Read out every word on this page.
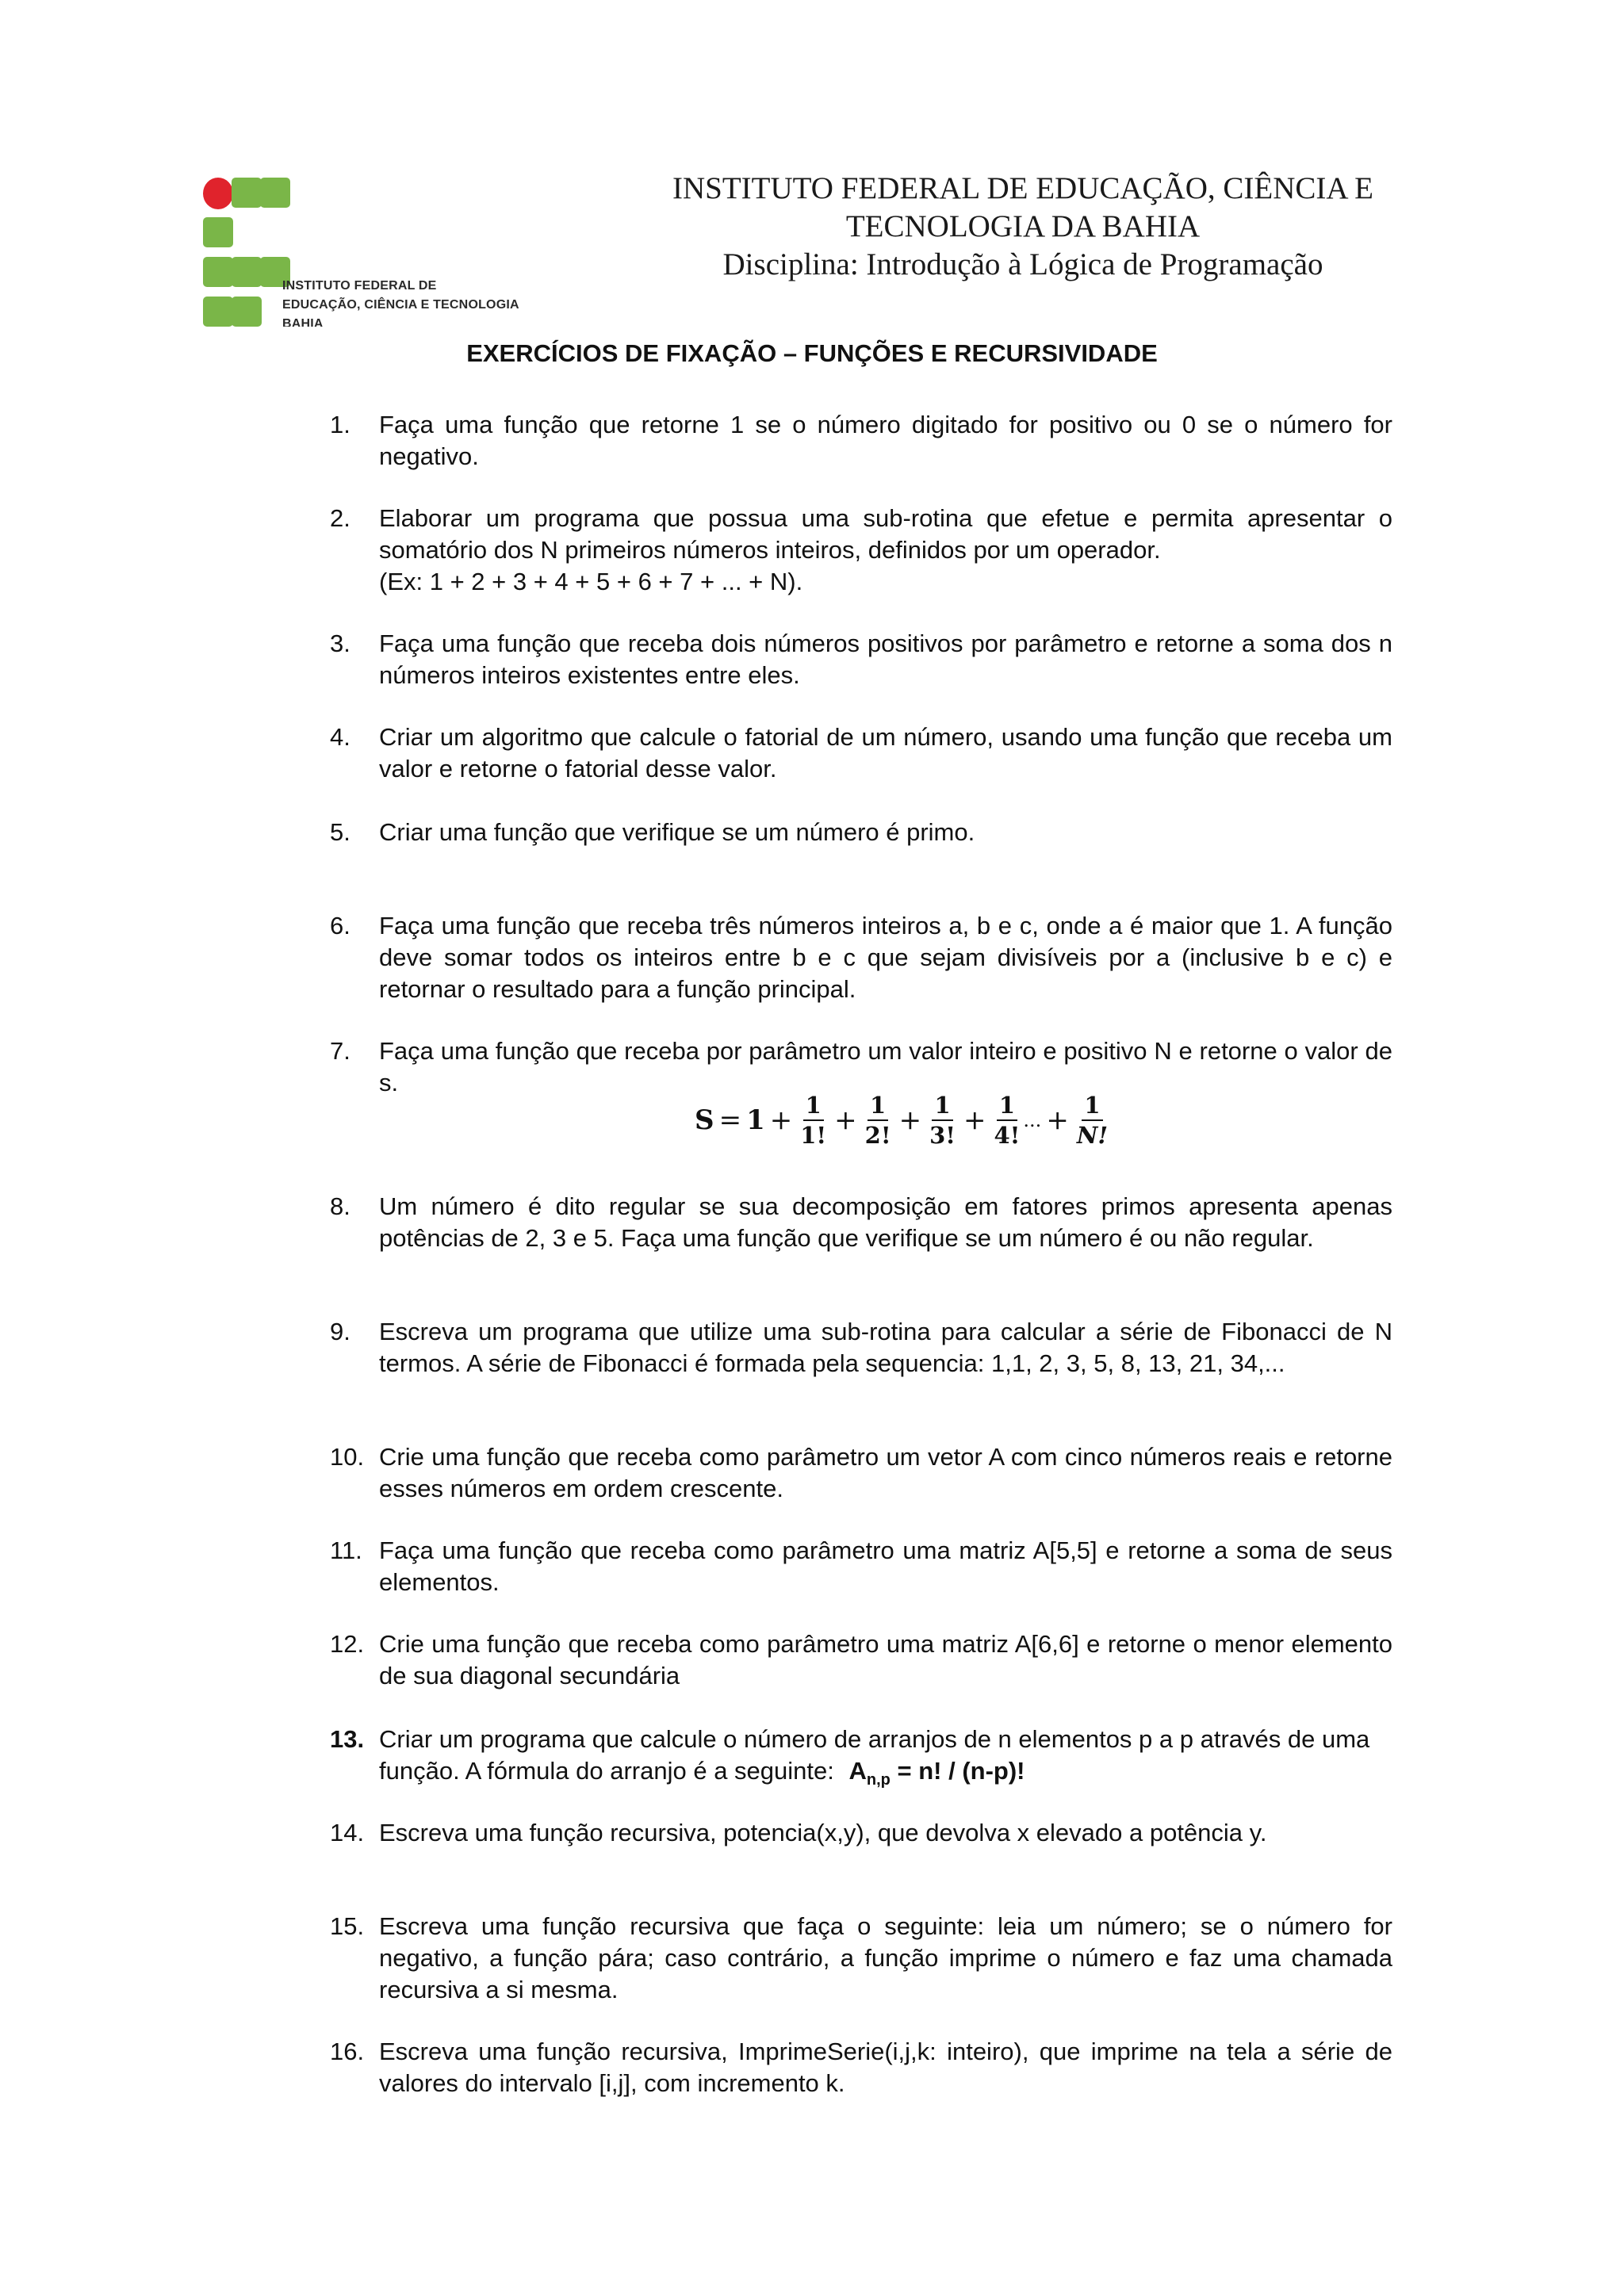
INSTITUTO FEDERAL DE
EDUCAÇÃO, CIÊNCIA E TECNOLOGIA
BAHIA
INSTITUTO FEDERAL DE EDUCAÇÃO, CIÊNCIA E
TECNOLOGIA DA BAHIA
Disciplina: Introdução à Lógica de Programação
EXERCÍCIOS DE FIXAÇÃO – FUNÇÕES E RECURSIVIDADE
1. Faça uma função que retorne 1 se o número digitado for positivo ou 0 se o número for negativo.
2. Elaborar um programa que possua uma sub-rotina que efetue e permita apresentar o somatório dos N primeiros números inteiros, definidos por um operador.
(Ex: 1 + 2 + 3 + 4 + 5 + 6 + 7 + ... + N).
3. Faça uma função que receba dois números positivos por parâmetro e retorne a soma dos n números inteiros existentes entre eles.
4. Criar um algoritmo que calcule o fatorial de um número, usando uma função que receba um valor e retorne o fatorial desse valor.
5. Criar uma função que verifique se um número é primo.
6. Faça uma função que receba três números inteiros a, b e c, onde a é maior que 1. A função deve somar todos os inteiros entre b e c que sejam divisíveis por a (inclusive b e c) e retornar o resultado para a função principal.
7. Faça uma função que receba por parâmetro um valor inteiro e positivo N e retorne o valor de s.
$S = 1 + \frac{1}{1!} + \frac{1}{2!} + \frac{1}{3!} + \frac{1}{4!}$ ... + $\frac{1}{N!}$
8. Um número é dito regular se sua decomposição em fatores primos apresenta apenas potências de 2, 3 e 5. Faça uma função que verifique se um número é ou não regular.
9. Escreva um programa que utilize uma sub-rotina para calcular a série de Fibonacci de N termos. A série de Fibonacci é formada pela sequencia: 1,1, 2, 3, 5, 8, 13, 21, 34,...
10. Crie uma função que receba como parâmetro um vetor A com cinco números reais e retorne esses números em ordem crescente.
11. Faça uma função que receba como parâmetro uma matriz A[5,5] e retorne a soma de seus elementos.
12. Crie uma função que receba como parâmetro uma matriz A[6,6] e retorne o menor elemento de sua diagonal secundária
13. Criar um programa que calcule o número de arranjos de n elementos p a p através de uma função. A fórmula do arranjo é a seguinte: $A_{n,p} = n$! / (n-p)!
14. Escreva uma função recursiva, potencia(x,y), que devolva x elevado a potência y.
15. Escreva uma função recursiva que faça o seguinte: leia um número; se o número for negativo, a função pára; caso contrário, a função imprime o número e faz uma chamada recursiva a si mesma.
16. Escreva uma função recursiva, ImprimeSerie(i,j,k: inteiro), que imprime na tela a série de valores do intervalo [i,j], com incremento k.
